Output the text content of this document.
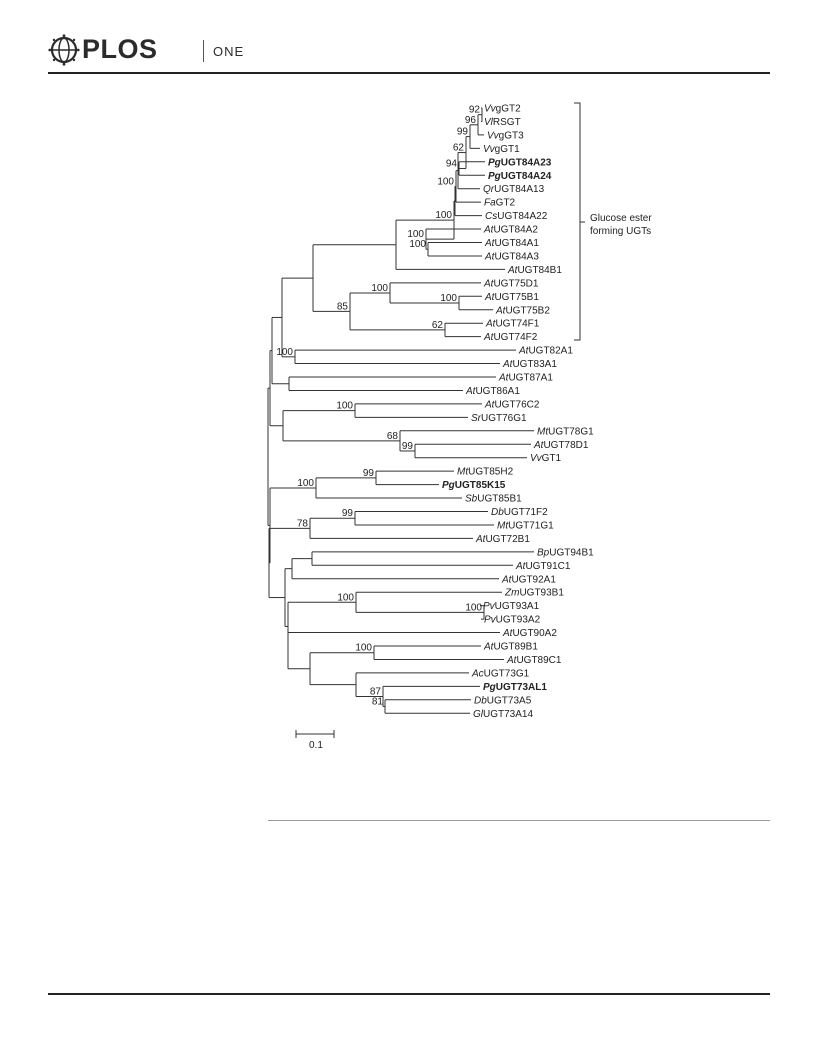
PLOS	ONE
VvgGT2
VlRSGT
VvgGT3
VvgGT1
PgUGT84A23
PgUGT84A24
QrUGT84A13
FaGT2
CsUGT84A22
AtUGT84A2
AtUGT84A1
AtUGT84A3
AtUGT84B1
AtUGT75D1
AtUGT75B1
AtUGT75B2
AtUGT74F1
AtUGT74F2
AtUGT82A1
AtUGT83A1
AtUGT87A1
AtUGT86A1
AtUGT76C2
SrUGT76G1
MtUGT78G1
AtUGT78D1
VvGT1
MtUGT85H2
PgUGT85K15
SbUGT85B1
DbUGT71F2
MtUGT71G1
AtUGT72B1
BpUGT94B1
AtUGT91C1
AtUGT92A1
ZmUGT93B1
PvUGT93A1
PvUGT93A2
AtUGT90A2
AtUGT89B1
AtUGT89C1
AcUGT73G1
PgUGT73AL1
DbUGT73A5
GlUGT73A14
92
96
99
94
62
100
100
100
100
100
100
62
85
100
100
99
68
99
100
99
78
100
100
100
81
87
Glucose ester
forming UGTs
0.1
